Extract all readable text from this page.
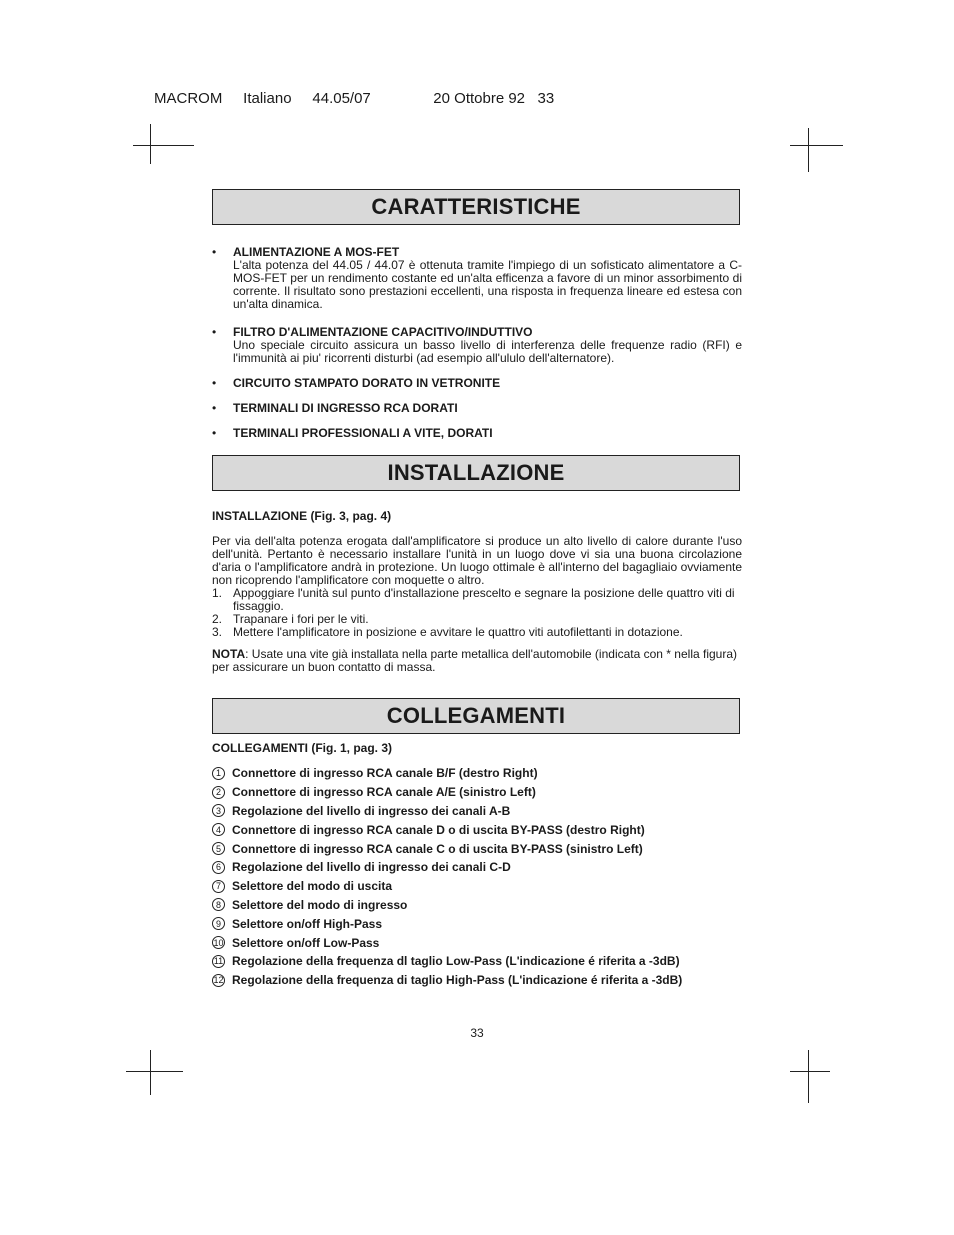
MACROM Italiano 44.05/07	20 Ottobre 92 33
CARATTERISTICHE
•	ALIMENTAZIONE A MOS-FET
L'alta potenza del 44.05 / 44.07 è ottenuta tramite l'impiego di un sofisticato alimentatore a C-MOS-FET per un rendimento costante ed un'alta efficenza a favore di un minor assorbimento di corrente. Il risultato sono prestazioni eccellenti, una risposta in frequenza lineare ed estesa con un'alta dinamica.
•	FILTRO D'ALIMENTAZIONE CAPACITIVO/INDUTTIVO
Uno speciale circuito assicura un basso livello di interferenza delle frequenze radio (RFI) e l'immunità ai piu' ricorrenti disturbi (ad esempio all'ululo dell'alternatore).
•	CIRCUITO STAMPATO DORATO IN VETRONITE
•	TERMINALI DI INGRESSO RCA DORATI
•	TERMINALI PROFESSIONALI A VITE, DORATI
INSTALLAZIONE
INSTALLAZIONE (Fig. 3, pag. 4)
Per via dell'alta potenza erogata dall'amplificatore si produce un alto livello di calore durante l'uso dell'unità. Pertanto è necessario installare l'unità in un luogo dove vi sia una buona circolazione d'aria o l'amplificatore andrà in protezione. Un luogo ottimale è all'interno del bagagliaio ovviamente non ricoprendo l'amplificatore con moquette o altro.
1. Appoggiare l'unità sul punto d'installazione prescelto e segnare la posizione delle quattro viti di fissaggio.
2. Trapanare i fori per le viti.
3. Mettere l'amplificatore in posizione e avvitare le quattro viti autofilettanti in dotazione.
NOTA: Usate una vite già installata nella parte metallica dell'automobile (indicata con * nella figura) per assicurare un buon contatto di massa.
COLLEGAMENTI
COLLEGAMENTI (Fig. 1, pag. 3)
1 Connettore di ingresso RCA canale B/F (destro Right)
2 Connettore di ingresso RCA canale A/E (sinistro Left)
3 Regolazione del livello di ingresso dei canali A-B
4 Connettore di ingresso RCA canale D o di uscita BY-PASS (destro Right)
5 Connettore di ingresso RCA canale C o di uscita BY-PASS (sinistro Left)
6 Regolazione del livello di ingresso dei canali C-D
7 Selettore del modo di uscita
8 Selettore del modo di ingresso
9 Selettore on/off High-Pass
10 Selettore on/off Low-Pass
11 Regolazione della frequenza dl taglio Low-Pass (L'indicazione é riferita a -3dB)
12 Regolazione della frequenza di taglio High-Pass (L'indicazione é riferita a -3dB)
33
